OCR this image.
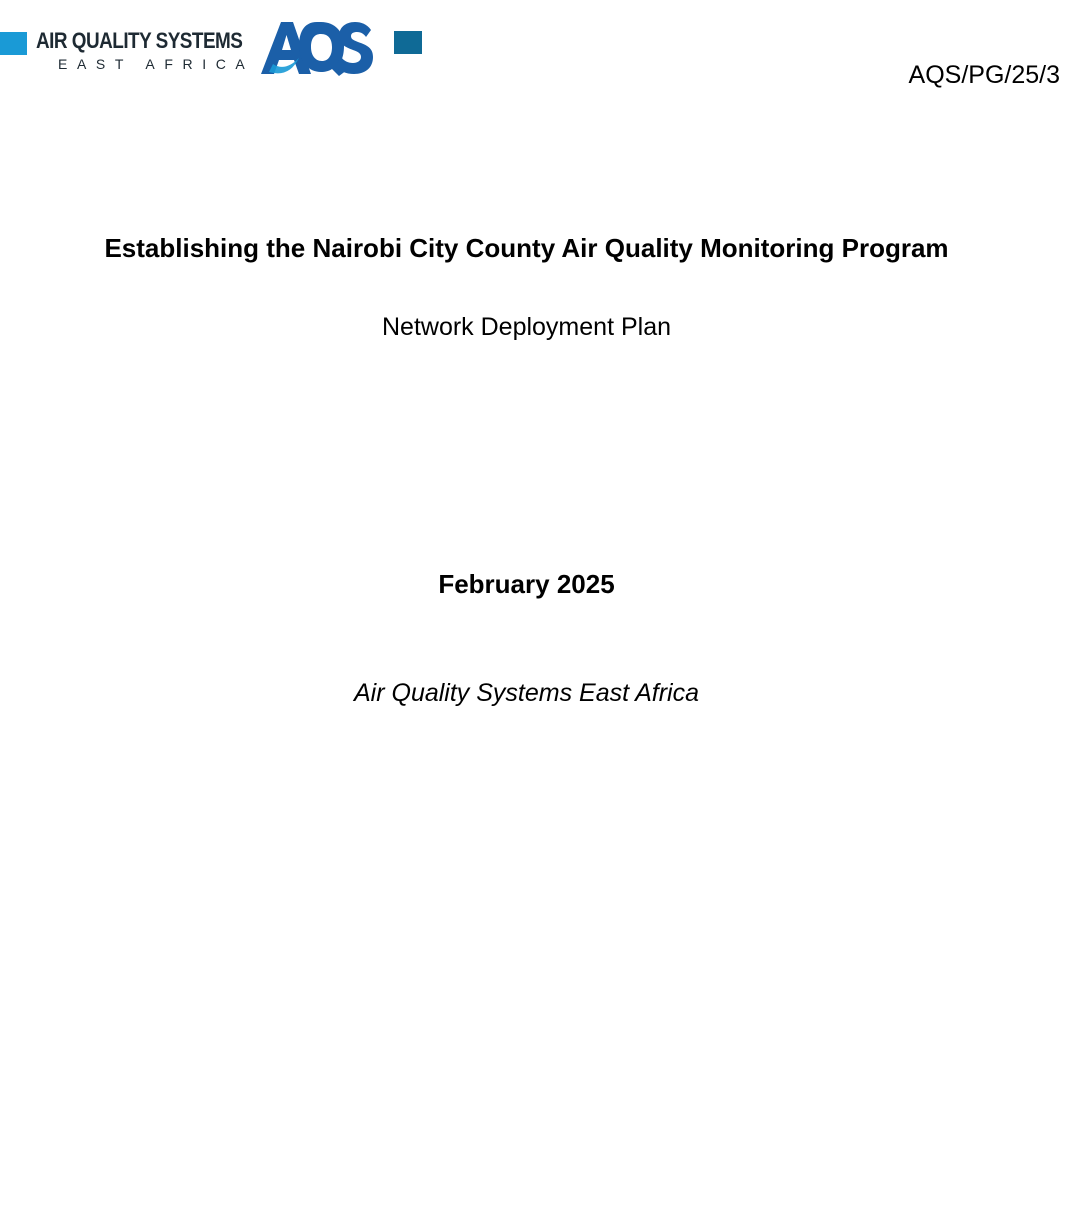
AIR QUALITY SYSTEMS
EAST AFRICA	AQS/PG/25/3
Establishing the Nairobi City County Air Quality Monitoring Program
Network Deployment Plan
February 2025
Air Quality Systems East Africa
